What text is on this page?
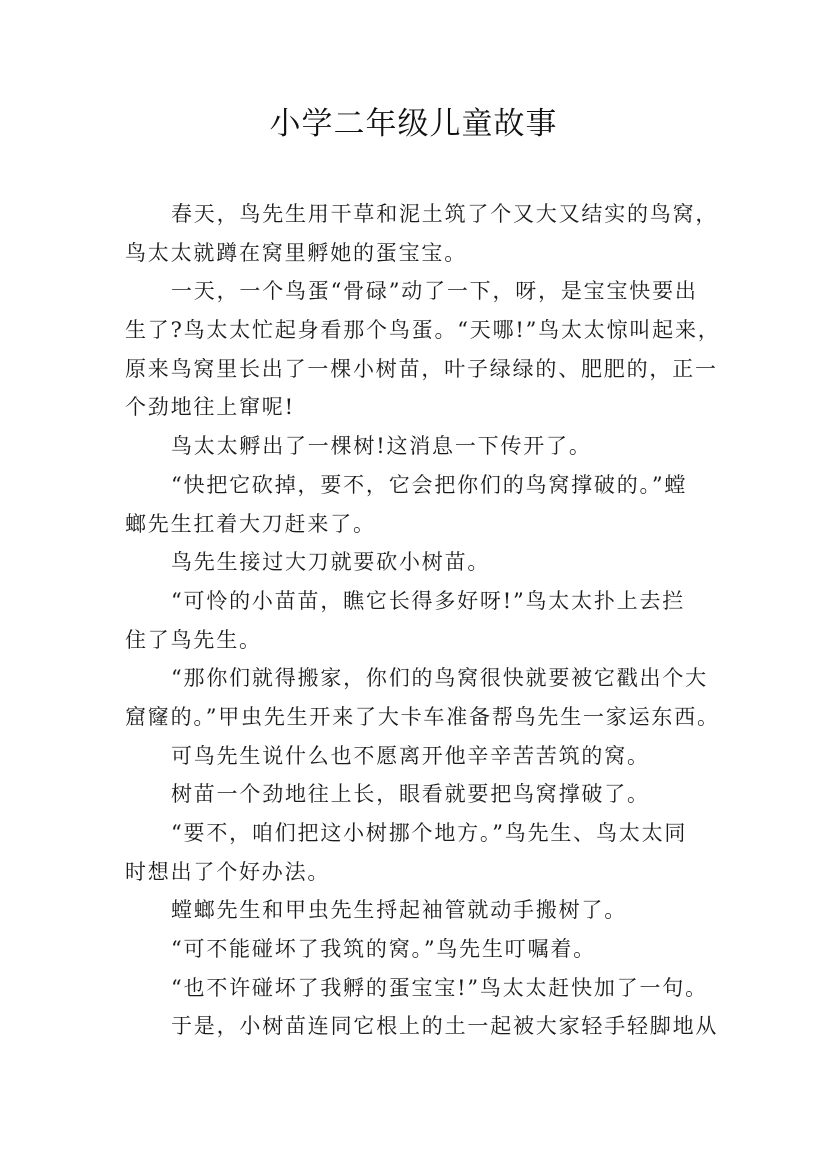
小学二年级儿童故事
春天，鸟先生用干草和泥土筑了个又大又结实的鸟窝，
鸟太太就蹲在窝里孵她的蛋宝宝。
一天，一个鸟蛋“骨碌”动了一下，呀，是宝宝快要出
生了?鸟太太忙起身看那个鸟蛋。“天哪!”鸟太太惊叫起来，
原来鸟窝里长出了一棵小树苗，叶子绿绿的、肥肥的，正一
个劲地往上窜呢!
鸟太太孵出了一棵树!这消息一下传开了。
“快把它砍掉，要不，它会把你们的鸟窝撑破的。”螳
螂先生扛着大刀赶来了。
鸟先生接过大刀就要砍小树苗。
“可怜的小苗苗，瞧它长得多好呀!”鸟太太扑上去拦
住了鸟先生。
“那你们就得搬家，你们的鸟窝很快就要被它戳出个大
窟窿的。”甲虫先生开来了大卡车准备帮鸟先生一家运东西。
可鸟先生说什么也不愿离开他辛辛苦苦筑的窝。
树苗一个劲地往上长，眼看就要把鸟窝撑破了。
“要不，咱们把这小树挪个地方。”鸟先生、鸟太太同
时想出了个好办法。
螳螂先生和甲虫先生捋起袖管就动手搬树了。
“可不能碰坏了我筑的窝。”鸟先生叮嘱着。
“也不许碰坏了我孵的蛋宝宝!”鸟太太赶快加了一句。
于是，小树苗连同它根上的土一起被大家轻手轻脚地从
